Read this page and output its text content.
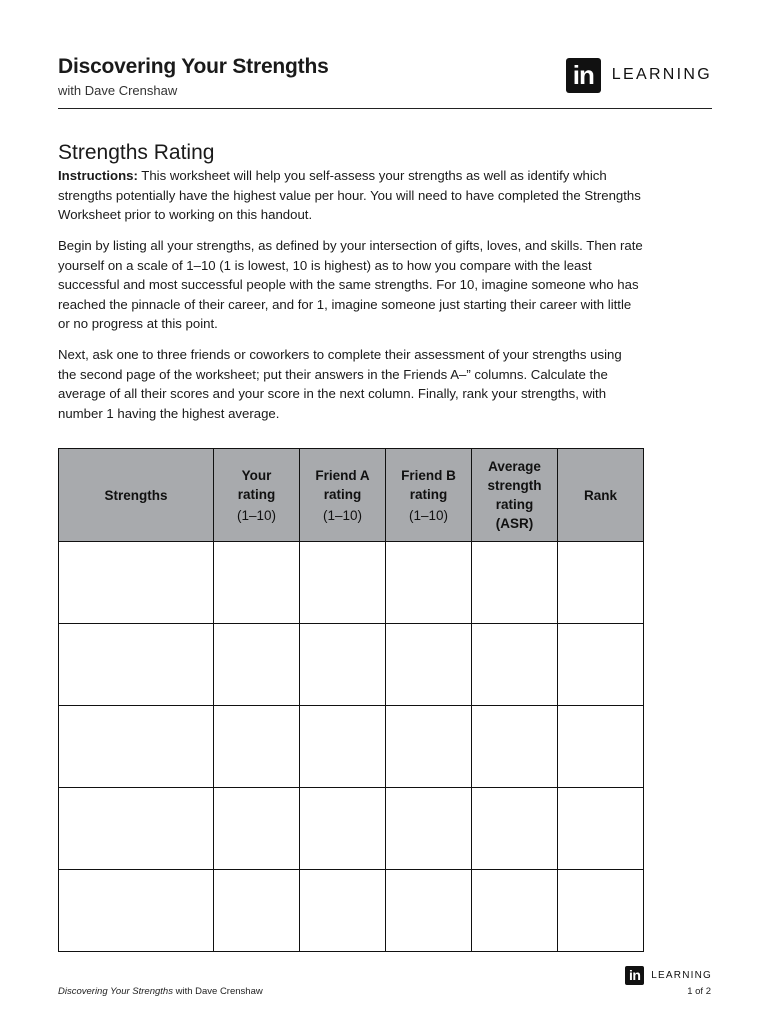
Discovering Your Strengths
with Dave Crenshaw
in	LEARNING
Strengths Rating

Instructions: This worksheet will help you self-assess your strengths as well as identify which strengths potentially have the highest value per hour. You will need to have completed the Strengths Worksheet prior to working on this handout.

Begin by listing all your strengths, as defined by your intersection of gifts, loves, and skills. Then rate yourself on a scale of 1–10 (1 is lowest, 10 is highest) as to how you compare with the least successful and most successful people with the same strengths. For 10, imagine someone who has reached the pinnacle of their career, and for 1, imagine someone just starting their career with little or no progress at this point.

Next, ask one to three friends or coworkers to complete their assessment of your strengths using the second page of the worksheet; put their answers in the Friends A–” columns. Calculate the average of all their scores and your score in the next column. Finally, rank your strengths, with number 1 having the highest average.

Strengths	Your
rating
(1–10)	Friend A
rating
(1–10)	Friend B
rating
(1–10)	Average
strength
rating
(ASR)	Rank

in	LEARNING
Discovering Your Strengths with Dave Crenshaw	1 of 2
